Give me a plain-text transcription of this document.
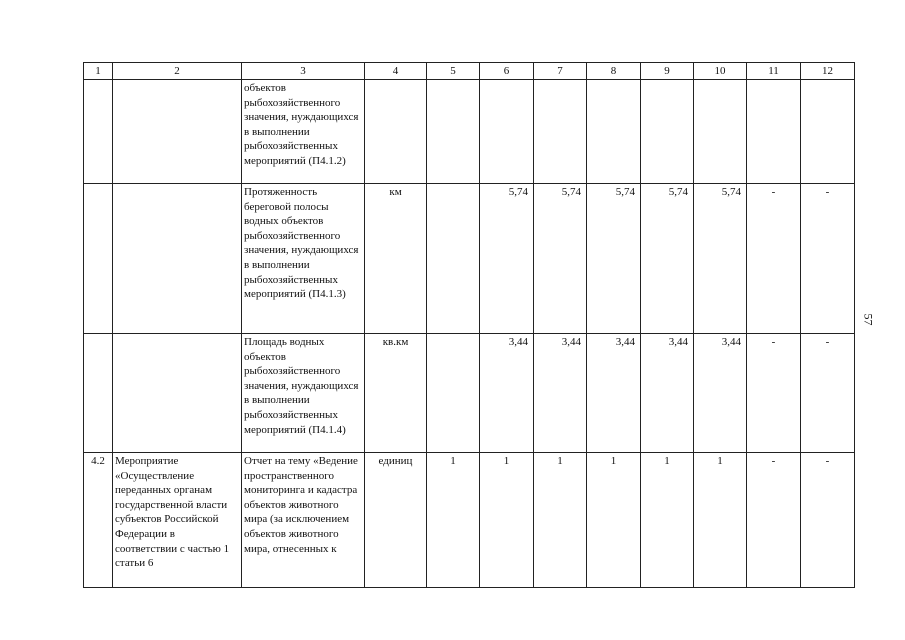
1	2	3	4	5	6	7	8	9	10	11	12
		объектов рыбохозяйственного значения, нуждающихся в выполнении рыбохозяйственных мероприятий (П4.1.2)									
		Протяженность береговой полосы водных объектов рыбохозяйственного значения, нуждающихся в выполнении рыбохозяйственных мероприятий (П4.1.3)	км		5,74	5,74	5,74	5,74	5,74	-	-
		Площадь водных объектов рыбохозяйственного значения, нуждающихся в выполнении рыбохозяйственных мероприятий (П4.1.4)	кв.км		3,44	3,44	3,44	3,44	3,44	-	-
4.2	Мероприятие «Осуществление переданных органам государственной власти субъектов Российской Федерации в соответствии с частью 1 статьи 6	Отчет на тему «Ведение пространственного мониторинга и кадастра объектов животного мира (за исключением объектов животного мира, отнесенных к	единиц	1	1	1	1	1	1	-	-
57
